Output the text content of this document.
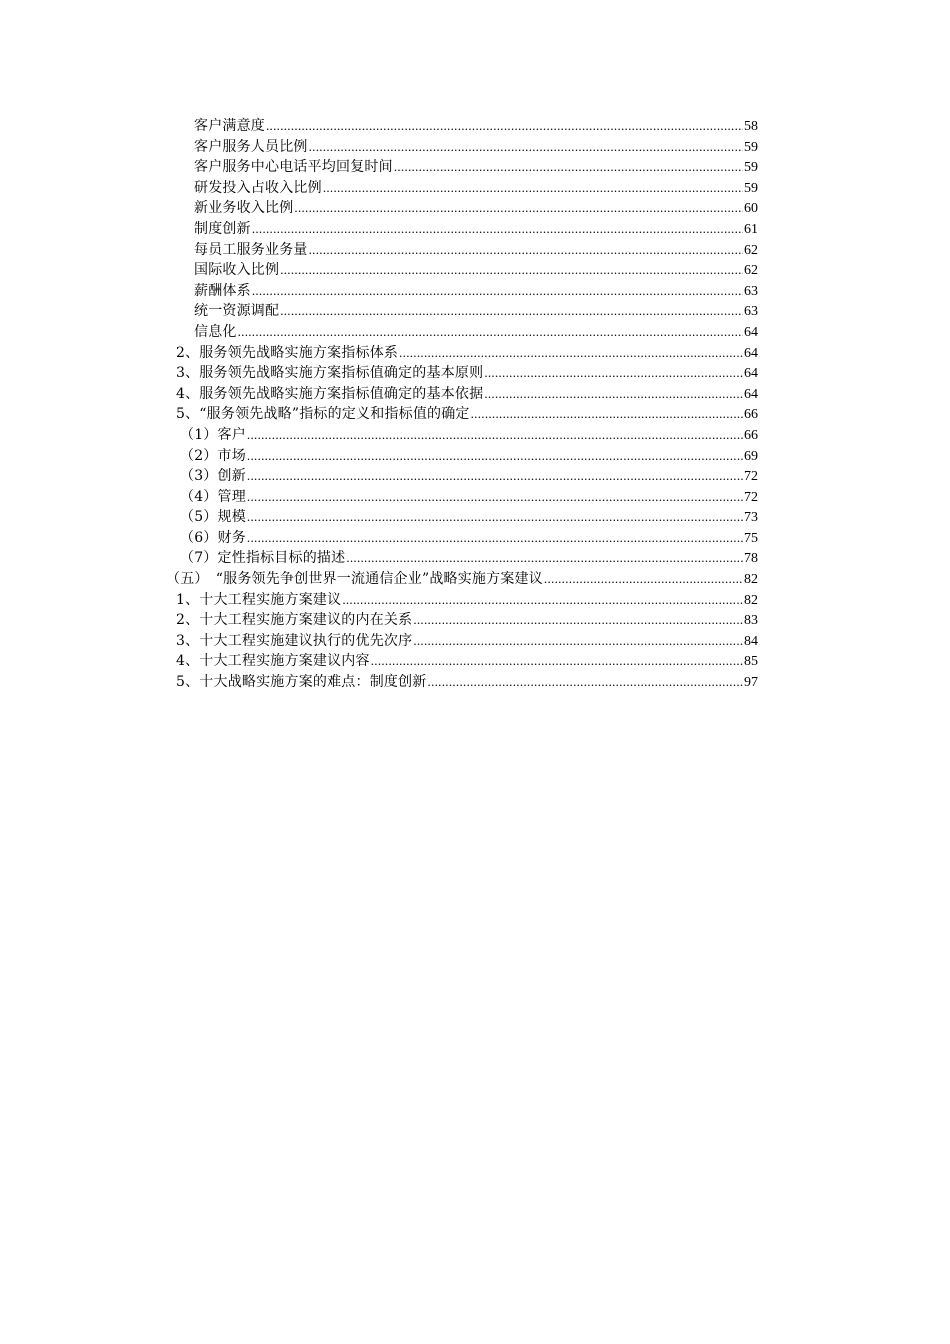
客户满意度 .....	58
客户服务人员比例 .....	59
客户服务中心电话平均回复时间 .....	59
研发投入占收入比例 .....	59
新业务收入比例 .....	60
制度创新 .....	61
每员工服务业务量 .....	62
国际收入比例 .....	62
薪酬体系 .....	63
统一资源调配 .....	63
信息化 .....	64
2、服务领先战略实施方案指标体系 .....	64
3、服务领先战略实施方案指标值确定的基本原则 .....	64
4、服务领先战略实施方案指标值确定的基本依据 .....	64
5、“服务领先战略”指标的定义和指标值的确定 .....	66
（1）客户 .....	66
（2）市场 .....	69
（3）创新 .....	72
（4）管理 .....	72
（5）规模 .....	73
（6）财务 .....	75
（7）定性指标目标的描述 .....	78
（五）　“服务领先争创世界一流通信企业”战略实施方案建议 .....	82
1、十大工程实施方案建议 .....	82
2、十大工程实施方案建议的内在关系 .....	83
3、十大工程实施建议执行的优先次序 .....	84
4、十大工程实施方案建议内容 .....	85
5、十大战略实施方案的难点：制度创新 .....	97
